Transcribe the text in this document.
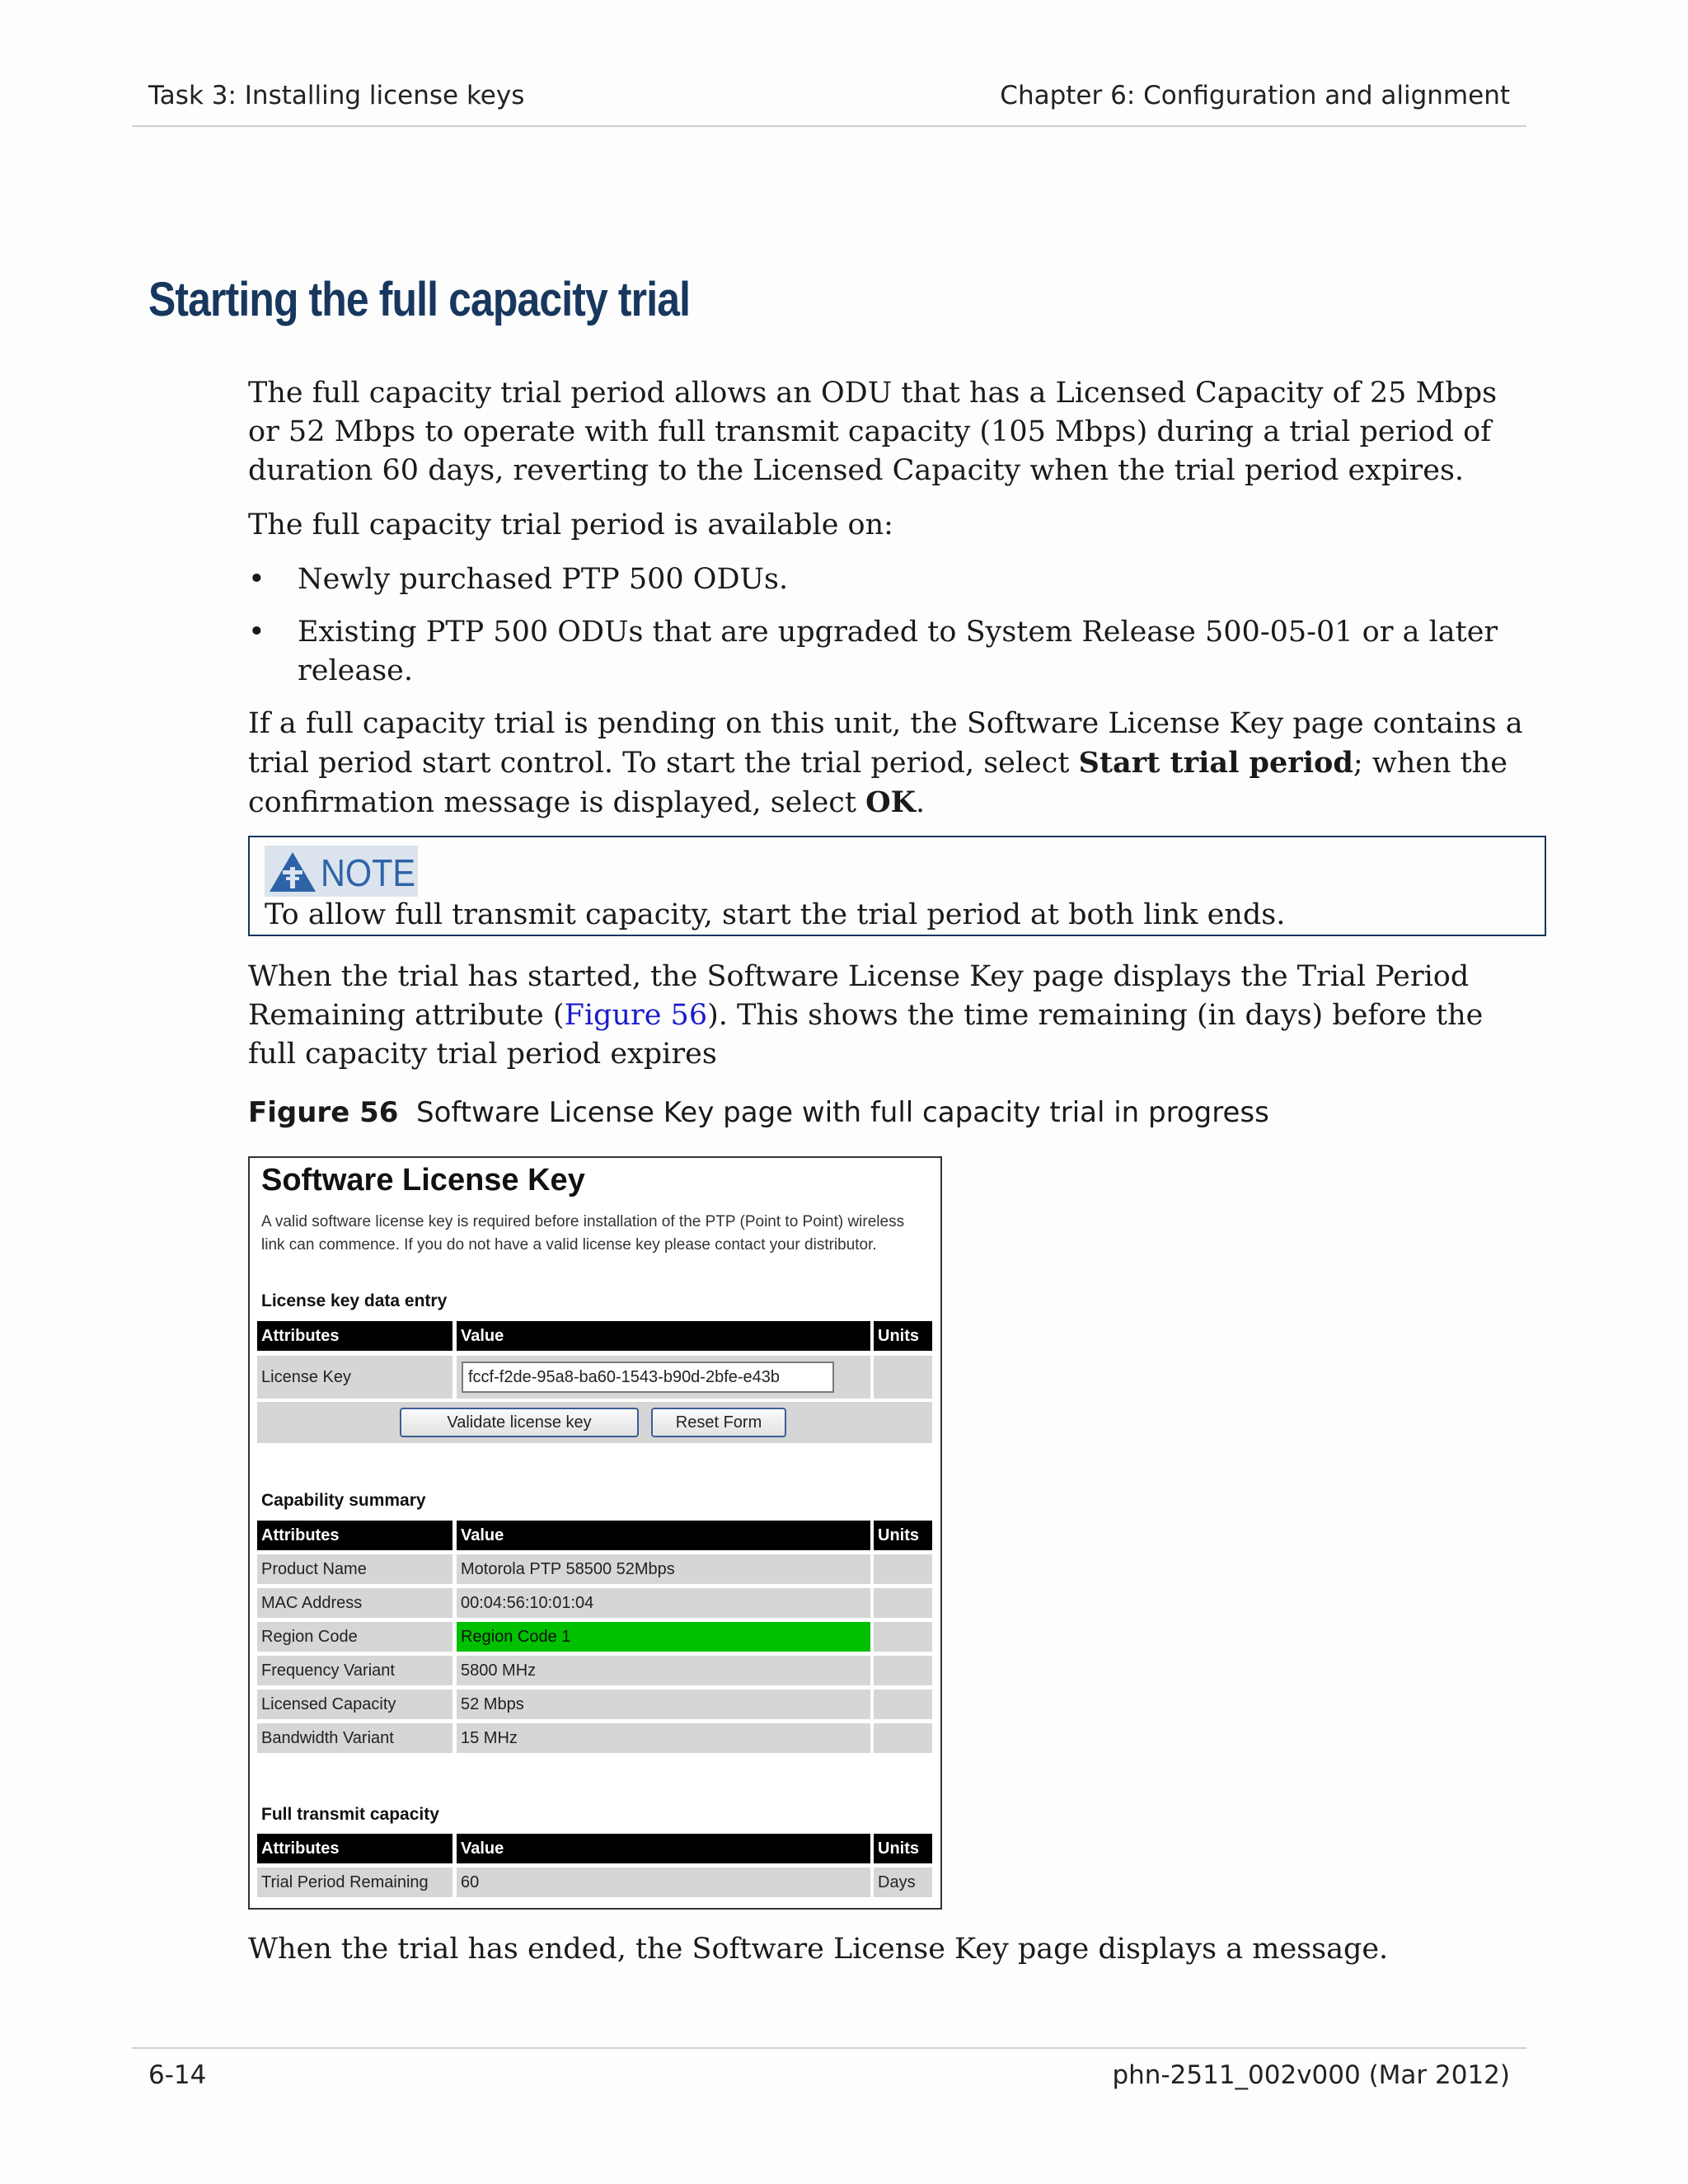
Task 3: Installing license keys	Chapter 6: Configuration and alignment
Starting the full capacity trial

The full capacity trial period allows an ODU that has a Licensed Capacity of 25 Mbps or 52 Mbps to operate with full transmit capacity (105 Mbps) during a trial period of duration 60 days, reverting to the Licensed Capacity when the trial period expires.

The full capacity trial period is available on:

• Newly purchased PTP 500 ODUs.
• Existing PTP 500 ODUs that are upgraded to System Release 500-05-01 or a later release.

If a full capacity trial is pending on this unit, the Software License Key page contains a trial period start control. To start the trial period, select Start trial period; when the confirmation message is displayed, select OK.

NOTE
To allow full transmit capacity, start the trial period at both link ends.

When the trial has started, the Software License Key page displays the Trial Period Remaining attribute (Figure 56). This shows the time remaining (in days) before the full capacity trial period expires

Figure 56 Software License Key page with full capacity trial in progress
Software License Key
A valid software license key is required before installation of the PTP (Point to Point) wireless link can commence. If you do not have a valid license key please contact your distributor.
License key data entry
Attributes	Value	Units
License Key	fccf-f2de-95a8-ba60-1543-b90d-2bfe-e43b
Validate license key	Reset Form
Capability summary
Attributes	Value	Units
Product Name	Motorola PTP 58500 52Mbps
MAC Address	00:04:56:10:01:04
Region Code	Region Code 1
Frequency Variant	5800 MHz
Licensed Capacity	52 Mbps
Bandwidth Variant	15 MHz
Full transmit capacity
Attributes	Value	Units
Trial Period Remaining	60	Days

When the trial has ended, the Software License Key page displays a message.

6-14	phn-2511_002v000 (Mar 2012)
